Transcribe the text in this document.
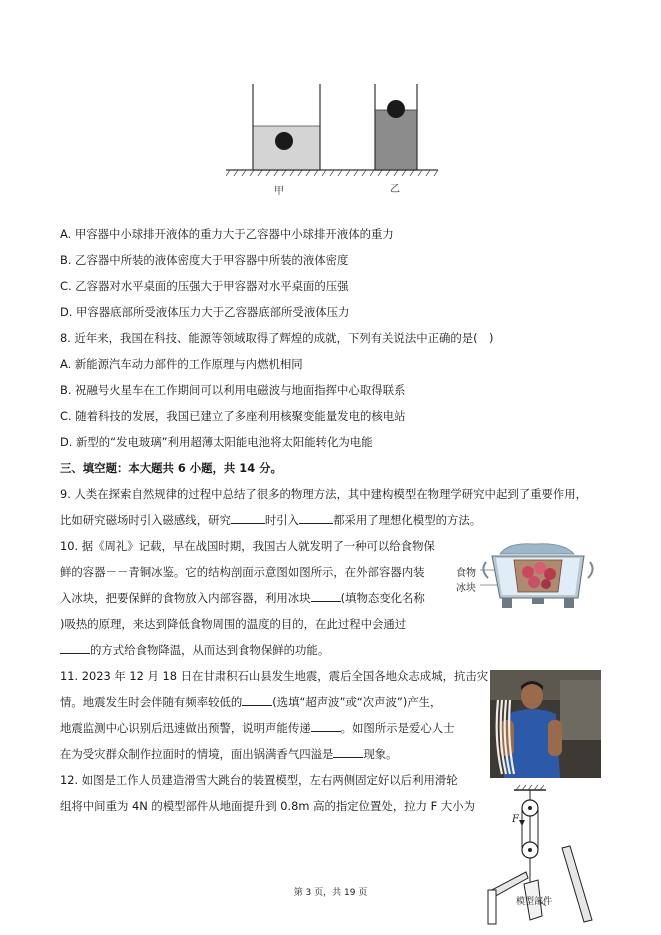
甲	乙
A. 甲容器中小球排开液体的重力大于乙容器中小球排开液体的重力
B. 乙容器中所装的液体密度大于甲容器中所装的液体密度
C. 乙容器对水平桌面的压强大于甲容器对水平桌面的压强
D. 甲容器底部所受液体压力大于乙容器底部所受液体压力
8. 近年来，我国在科技、能源等领域取得了辉煌的成就，下列有关说法中正确的是(　)
A. 新能源汽车动力部件的工作原理与内燃机相同
B. 祝融号火星车在工作期间可以利用电磁波与地面指挥中心取得联系
C. 随着科技的发展，我国已建立了多座利用核聚变能量发电的核电站
D. 新型的“发电玻璃”利用超薄太阳能电池将太阳能转化为电能
三、填空题：本大题共 6 小题，共 14 分。
9. 人类在探索自然规律的过程中总结了很多的物理方法，其中建构模型在物理学研究中起到了重要作用，
比如研究磁场时引入磁感线，研究	时引入	都采用了理想化模型的方法。
10. 据《周礼》记载，早在战国时期，我国古人就发明了一种可以给食物保
鲜的容器－－青铜冰鉴。它的结构剖面示意图如图所示，在外部容器内装
入冰块，把要保鲜的食物放入内部容器，利用冰块	(填物态变化名称
)吸热的原理，来达到降低食物周围的温度的目的，在此过程中会通过
的方式给食物降温，从而达到食物保鲜的功能。
食物
冰块
11. 2023 年 12 月 18 日在甘肃积石山县发生地震，震后全国各地众志成城，抗击灾
情。地震发生时会伴随有频率较低的	(选填“超声波”或“次声波”)产生，
地震监测中心识别后迅速做出预警，说明声能传递	。如图所示是爱心人士
在为受灾群众制作拉面时的情境，面出锅满香气四溢是	现象。
12. 如图是工作人员建造滑雪大跳台的装置模型，左右两侧固定好以后利用滑轮
组将中间重为 4N 的模型部件从地面提升到 0.8m 高的指定位置处，拉力 F 大小为
F
模型部件
第 3 页，共 19 页
